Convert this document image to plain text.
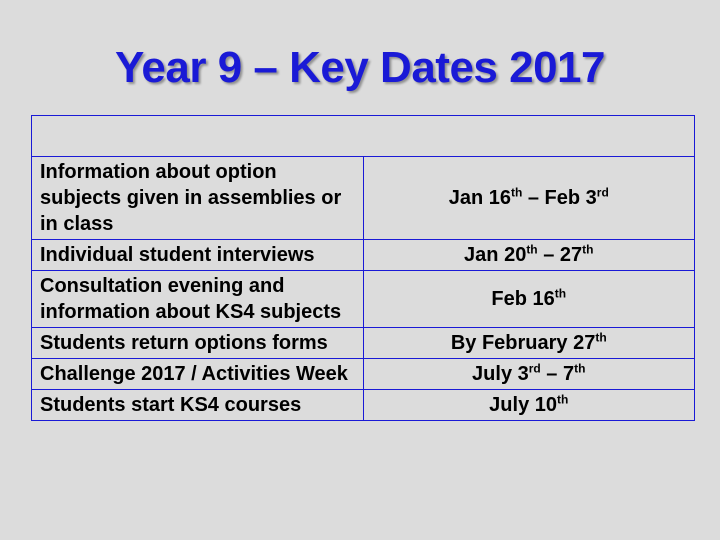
Year 9 – Key Dates 2017

Information about option subjects given in assemblies or in class	Jan 16th – Feb 3rd
Individual student interviews	Jan 20th – 27th
Consultation evening and information about KS4 subjects	Feb 16th
Students return options forms	By February 27th
Challenge 2017 / Activities Week	July 3rd – 7th
Students start KS4 courses	July 10th
